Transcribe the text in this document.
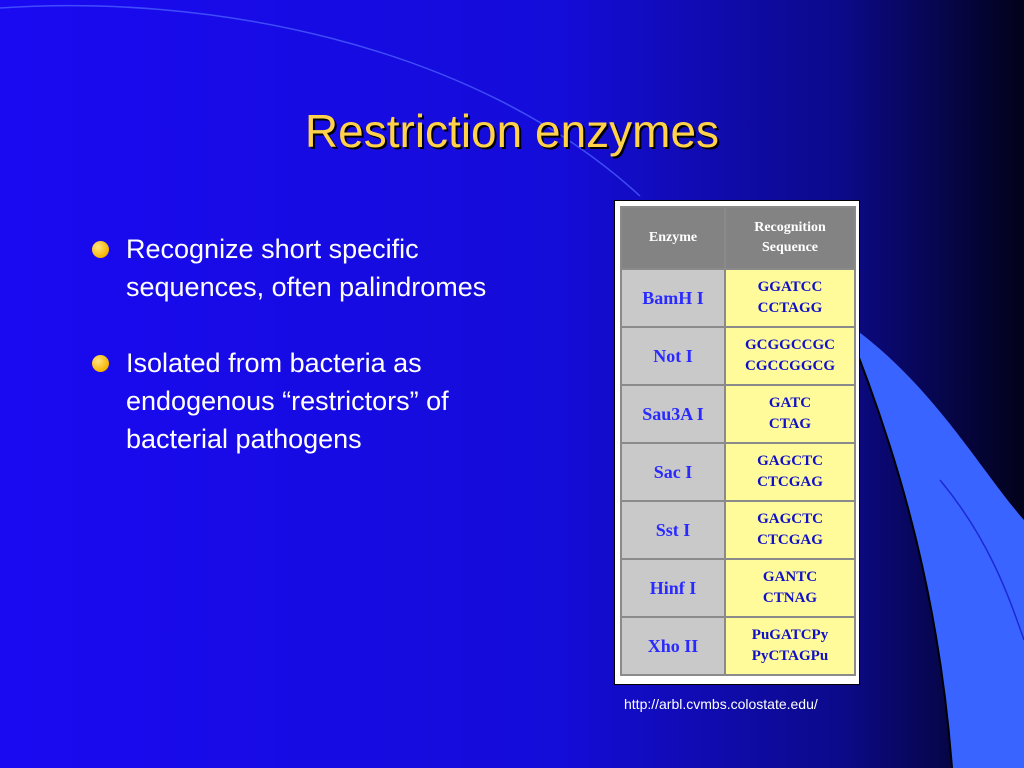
Restriction enzymes
Recognize short specific sequences, often palindromes
Isolated from bacteria as endogenous “restrictors” of bacterial pathogens
Enzyme	Recognition
Sequence
BamH I	GGATCC
CCTAGG
Not I	GCGGCCGC
CGCCGGCG
Sau3A I	GATC
CTAG
Sac I	GAGCTC
CTCGAG
Sst I	GAGCTC
CTCGAG
Hinf I	GANTC
CTNAG
Xho II	PuGATCPy
PyCTAGPu
http://arbl.cvmbs.colostate.edu/
